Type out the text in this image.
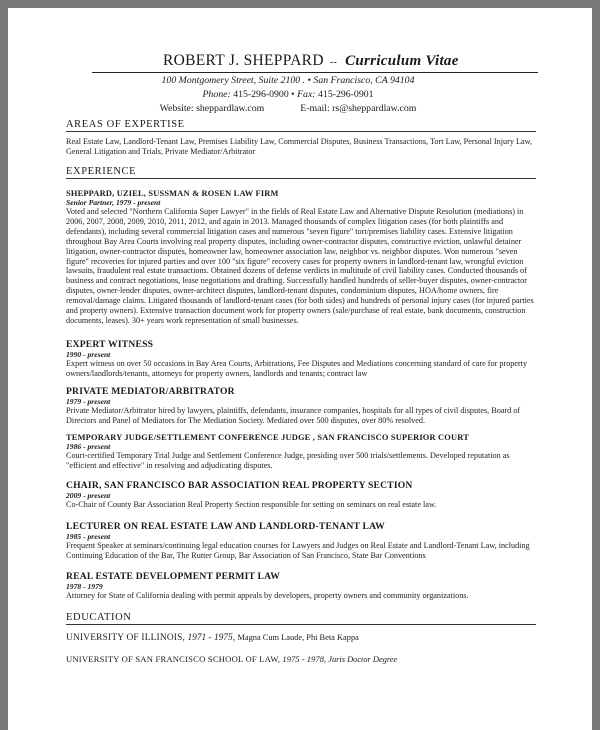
ROBERT J. SHEPPARD -- Curriculum Vitae
100 Montgomery Street, Suite 2100 . • San Francisco, CA 94104
Phone: 415-296-0900 • Fax: 415-296-0901
Website: sheppardlaw.com	E-mail: rs@sheppardlaw.com
AREAS OF EXPERTISE
Real Estate Law, Landlord-Tenant Law, Premises Liability Law, Commercial Disputes, Business Transactions, Tort Law, Personal Injury Law, General Litigation and Trials, Private Mediator/Arbitrator
EXPERIENCE
SHEPPARD, UZIEL, SUSSMAN & ROSEN LAW FIRM
Senior Partner, 1979 - present
Voted and selected "Northern California Super Lawyer" in the fields of Real Estate Law and Alternative Dispute Resolution (mediations) in 2006, 2007, 2008, 2009, 2010, 2011, 2012, and again in 2013. Managed thousands of complex litigation cases (for both plaintiffs and defendants), including several commercial litigation cases and numerous "seven figure" tort/premises liability cases. Extensive litigation throughout Bay Area Courts involving real property disputes, including owner-contractor disputes, constructive eviction, unlawful detainer litigation, owner-contractor disputes, homeowner law, homeowner association law, neighbor vs. neighbor disputes. Won numerous "seven figure" recoveries for injured parties and over 100 "six figure" recovery cases for property owners in landlord-tenant law, wrongful eviction lawsuits, fraudulent real estate transactions. Obtained dozens of defense verdicts in multitude of civil liability cases. Conducted thousands of business and contract negotiations, lease negotiations and drafting. Successfully handled hundreds of seller-buyer disputes, owner-contractor disputes, owner-lender disputes, owner-architect disputes, landlord-tenant disputes, condominium disputes, HOA/home owners, fire removal/damage claims. Litigated thousands of landlord-tenant cases (for both sides) and hundreds of personal injury cases (for injured parties and property owners). Extensive transaction document work for property owners (sale/purchase of real estate, bank documents, construction documents, leases). 30+ years work representation of small businesses.
EXPERT WITNESS
1990 - present
Expert witness on over 50 occasions in Bay Area Courts, Arbitrations, Fee Disputes and Mediations concerning standard of care for property owners/landlords/tenants, attorneys for property owners, landlords and tenants; contract law
PRIVATE MEDIATOR/ARBITRATOR
1979 - present
Private Mediator/Arbitrator hired by lawyers, plaintiffs, defendants, insurance companies, hospitals for all types of civil disputes, Board of Directors and Panel of Mediators for The Mediation Society. Mediated over 500 disputes, over 80% resolved.
TEMPORARY JUDGE/SETTLEMENT CONFERENCE JUDGE , SAN FRANCISCO SUPERIOR COURT
1986 - present
Court-certified Temporary Trial Judge and Settlement Conference Judge, presiding over 500 trials/settlements. Developed reputation as "efficient and effective" in resolving and adjudicating disputes.
CHAIR, SAN FRANCISCO BAR ASSOCIATION REAL PROPERTY SECTION
2009 - present
Co-Chair of County Bar Association Real Property Section responsible for setting on seminars on real estate law.
LECTURER ON REAL ESTATE LAW AND LANDLORD-TENANT LAW
1985 - present
Frequent Speaker at seminars/continuing legal education courses for Lawyers and Judges on Real Estate and Landlord-Tenant Law, including Continuing Education of the Bar, The Rutter Group, Bar Association of San Francisco, State Bar Conventions
REAL ESTATE DEVELOPMENT PERMIT LAW
1978 - 1979
Attorney for State of California dealing with permit appeals by developers, property owners and community organizations.
EDUCATION
UNIVERSITY OF ILLINOIS, 1971 - 1975, Magna Cum Laude, Phi Beta Kappa
UNIVERSITY OF SAN FRANCISCO SCHOOL OF LAW, 1975 - 1978, Juris Doctor Degree
